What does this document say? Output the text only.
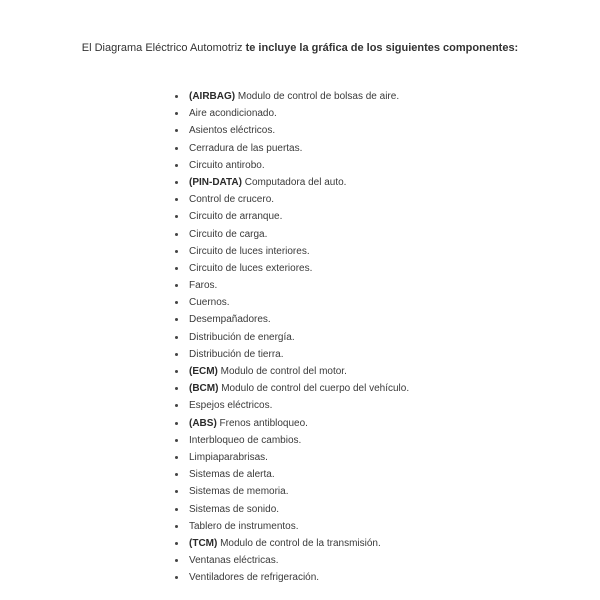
El Diagrama Eléctrico Automotriz te incluye la gráfica de los siguientes componentes:
(AIRBAG) Modulo de control de bolsas de aire.
Aire acondicionado.
Asientos eléctricos.
Cerradura de las puertas.
Circuito antirobo.
(PIN-DATA) Computadora del auto.
Control de crucero.
Circuito de arranque.
Circuito de carga.
Circuito de luces interiores.
Circuito de luces exteriores.
Faros.
Cuernos.
Desempañadores.
Distribución de energía.
Distribución de tierra.
(ECM) Modulo de control del motor.
(BCM) Modulo de control del cuerpo del vehículo.
Espejos eléctricos.
(ABS) Frenos antibloqueo.
Interbloqueo de cambios.
Limpiaparabrisas.
Sistemas de alerta.
Sistemas de memoria.
Sistemas de sonido.
Tablero de instrumentos.
(TCM) Modulo de control de la transmisión.
Ventanas eléctricas.
Ventiladores de refrigeración.
